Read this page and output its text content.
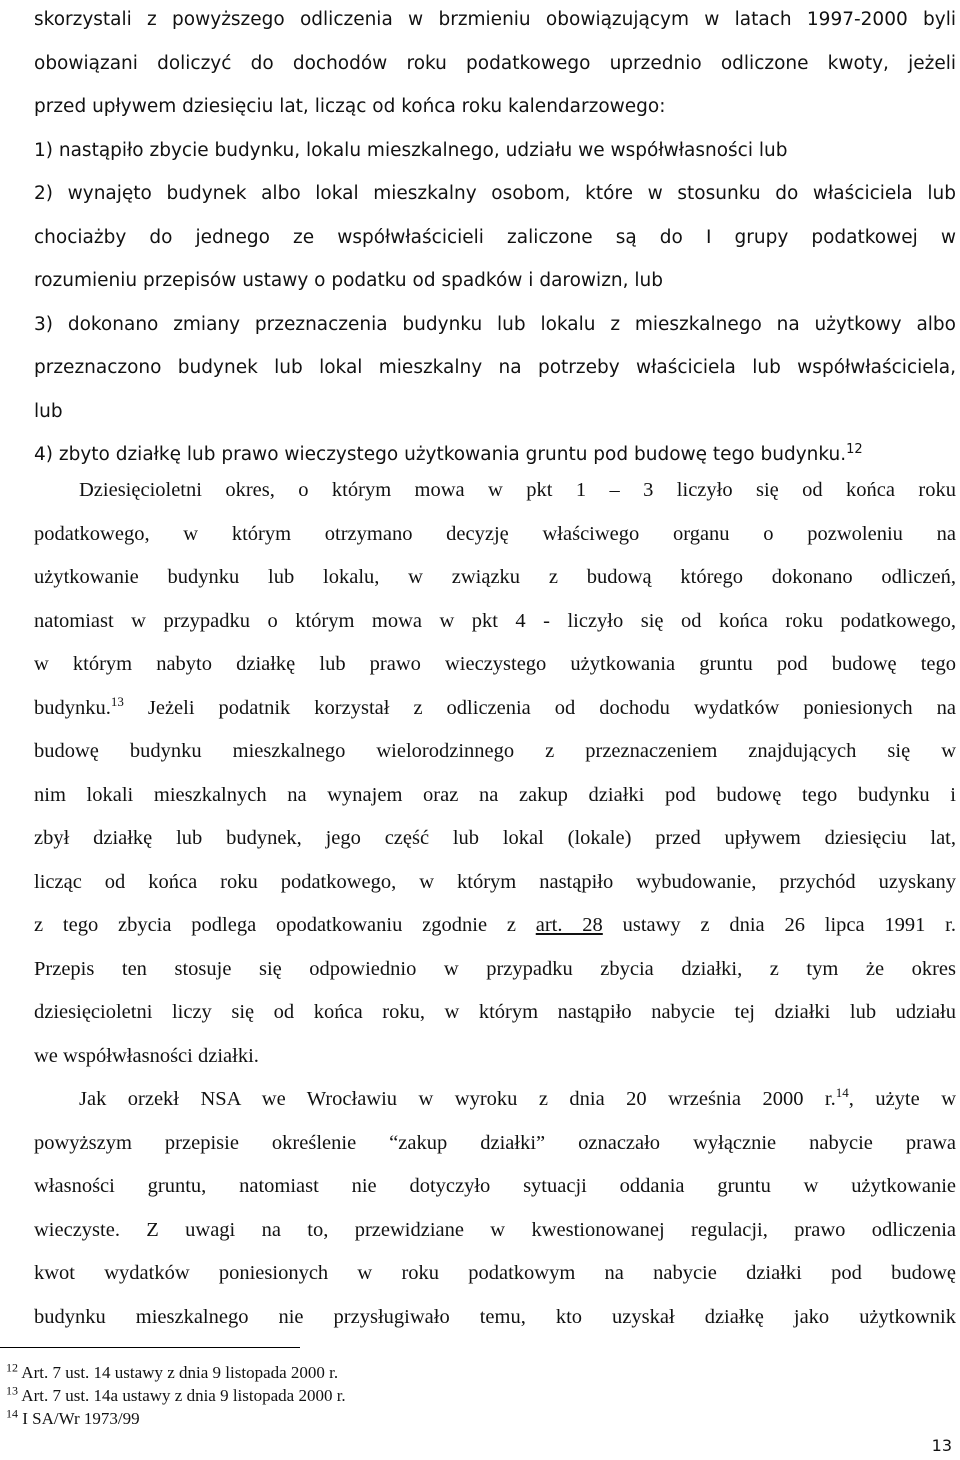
skorzystali z powyższego odliczenia w brzmieniu obowiązującym w latach 1997-2000 byli
obowiązani doliczyć do dochodów roku podatkowego uprzednio odliczone kwoty, jeżeli
przed upływem dziesięciu lat, licząc od końca roku kalendarzowego:
1) nastąpiło zbycie budynku, lokalu mieszkalnego, udziału we współwłasności lub
2) wynajęto budynek albo lokal mieszkalny osobom, które w stosunku do właściciela lub
chociażby do jednego ze współwłaścicieli zaliczone są do I grupy podatkowej w
rozumieniu przepisów ustawy o podatku od spadków i darowizn, lub
3) dokonano zmiany przeznaczenia budynku lub lokalu z mieszkalnego na użytkowy albo
przeznaczono budynek lub lokal mieszkalny na potrzeby właściciela lub współwłaściciela,
lub
4) zbyto działkę lub prawo wieczystego użytkowania gruntu pod budowę tego budynku.$^{12}$
Dziesięcioletni okres, o którym mowa w pkt 1 – 3 liczyło się od końca roku
podatkowego, w którym otrzymano decyzję właściwego organu o pozwoleniu na
użytkowanie budynku lub lokalu, w związku z budową którego dokonano odliczeń,
natomiast w przypadku o którym mowa w pkt 4 - liczyło się od końca roku podatkowego,
w którym nabyto działkę lub prawo wieczystego użytkowania gruntu pod budowę tego
budynku.$^{13}$ Jeżeli podatnik korzystał z odliczenia od dochodu wydatków poniesionych na
budowę budynku mieszkalnego wielorodzinnego z przeznaczeniem znajdujących się w
nim lokali mieszkalnych na wynajem oraz na zakup działki pod budowę tego budynku i
zbył działkę lub budynek, jego część lub lokal (lokale) przed upływem dziesięciu lat,
licząc od końca roku podatkowego, w którym nastąpiło wybudowanie, przychód uzyskany
z tego zbycia podlega opodatkowaniu zgodnie z art. 28 ustawy z dnia 26 lipca 1991 r.
Przepis ten stosuje się odpowiednio w przypadku zbycia działki, z tym że okres
dziesięcioletni liczy się od końca roku, w którym nastąpiło nabycie tej działki lub udziału
we współwłasności działki.
Jak orzekł NSA we Wrocławiu w wyroku z dnia 20 września 2000 r.$^{14}$, użyte w
powyższym przepisie określenie “zakup działki” oznaczało wyłącznie nabycie prawa
własności gruntu, natomiast nie dotyczyło sytuacji oddania gruntu w użytkowanie
wieczyste. Z uwagi na to, przewidziane w kwestionowanej regulacji, prawo odliczenia
kwot wydatków poniesionych w roku podatkowym na nabycie działki pod budowę
budynku mieszkalnego nie przysługiwało temu, kto uzyskał działkę jako użytkownik
$^{12}$ Art. 7 ust. 14 ustawy z dnia 9 listopada 2000 r.
$^{13}$ Art. 7 ust. 14a ustawy z dnia 9 listopada 2000 r.
$^{14}$ I SA/Wr 1973/99
13
